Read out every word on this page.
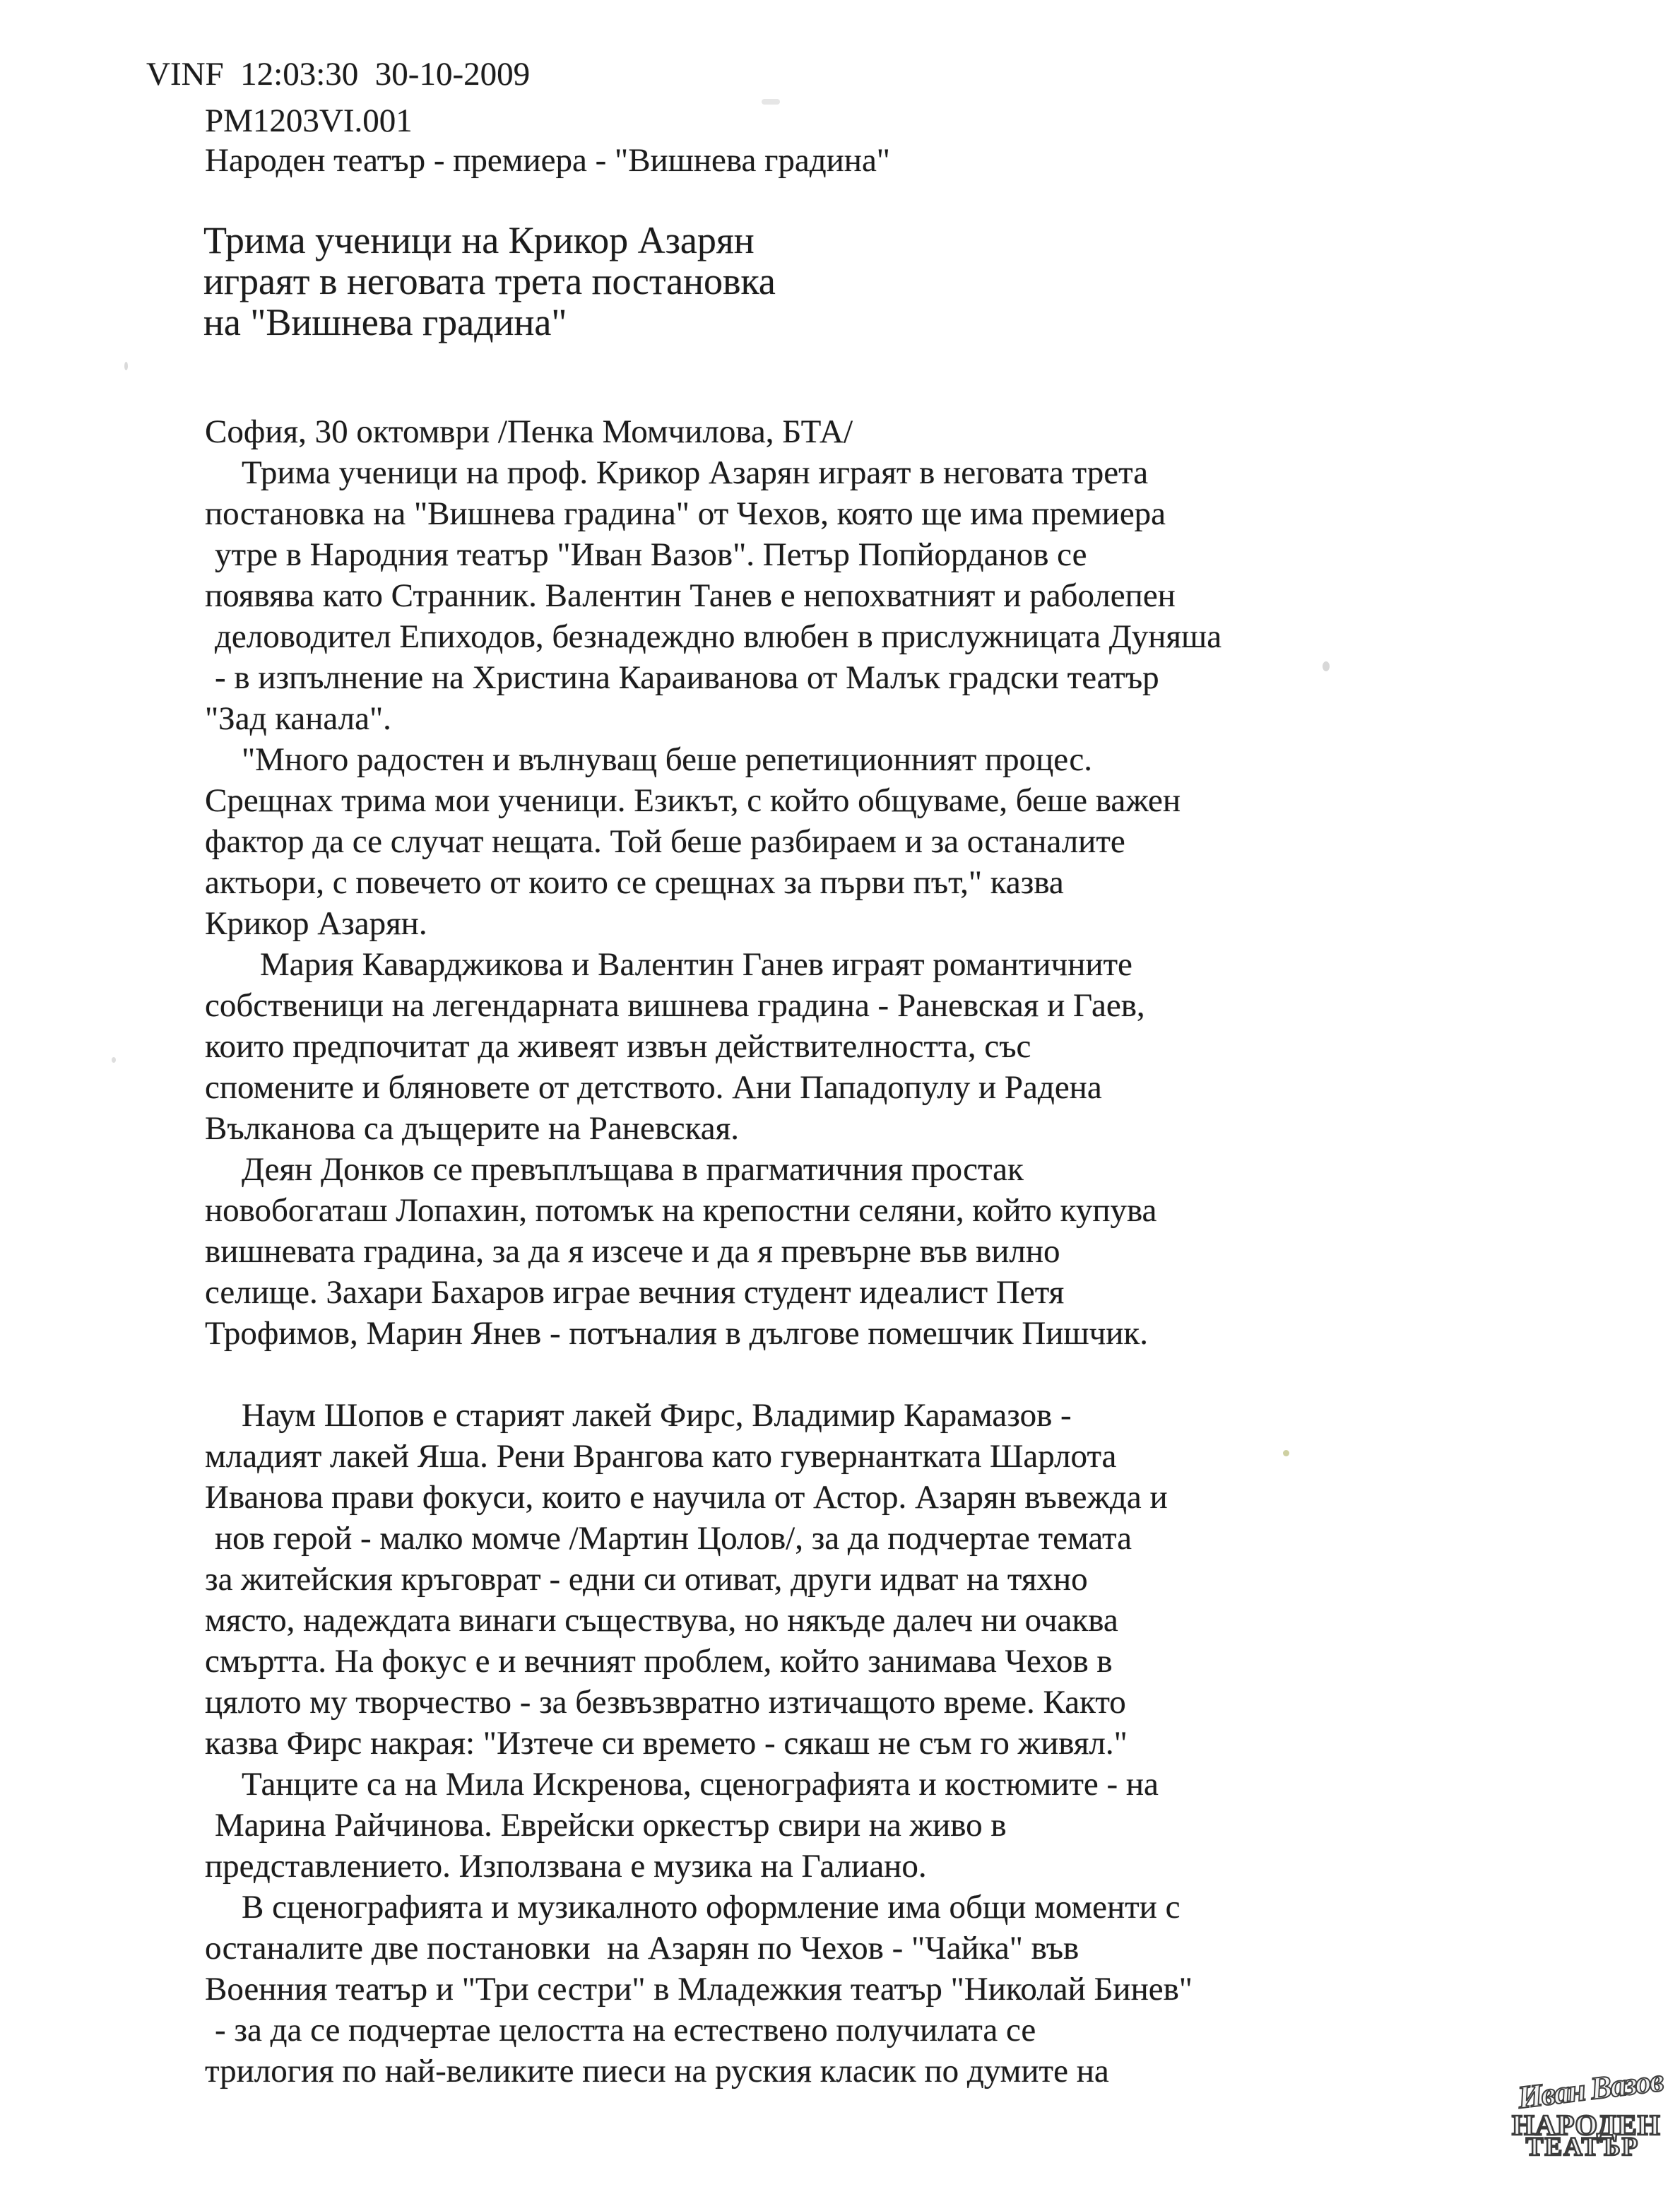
VINF  12:03:30  30-10-2009
PM1203VI.001
Народен театър - премиера - "Вишнева градина"
Трима ученици на Крикор Азарян
играят в неговата трета постановка
на "Вишнева градина"
София, 30 октомври /Пенка Момчилова, БТА/
Трима ученици на проф. Крикор Азарян играят в неговата трета
постановка на "Вишнева градина" от Чехов, която ще има премиера
утре в Народния театър "Иван Вазов". Петър Попйорданов се
появява като Странник. Валентин Танев е непохватният и раболепен
деловодител Епиходов, безнадеждно влюбен в прислужницата Дуняша
- в изпълнение на Христина Караиванова от Малък градски театър
"Зад канала".
"Много радостен и вълнуващ беше репетиционният процес.
Срещнах трима мои ученици. Езикът, с който общуваме, беше важен
фактор да се случат нещата. Той беше разбираем и за останалите
актьори, с повечето от които се срещнах за първи път," казва
Крикор Азарян.
Мария Каварджикова и Валентин Ганев играят романтичните
собственици на легендарната вишнева градина - Раневская и Гаев,
които предпочитат да живеят извън действителността, със
спомените и бляновете от детството. Ани Пападопулу и Радена
Вълканова са дъщерите на Раневская.
Деян Донков се превъплъщава в прагматичния простак
новобогаташ Лопахин, потомък на крепостни селяни, който купува
вишневата градина, за да я изсече и да я превърне във вилно
селище. Захари Бахаров играе вечния студент идеалист Петя
Трофимов, Марин Янев - потъналия в дългове помешчик Пишчик.
Наум Шопов е старият лакей Фирс, Владимир Карамазов -
младият лакей Яша. Рени Врангова като гувернантката Шарлота
Иванова прави фокуси, които е научила от Астор. Азарян въвежда и
нов герой - малко момче /Мартин Цолов/, за да подчертае темата
за житейския кръговрат - едни си отиват, други идват на тяхно
място, надеждата винаги съществува, но някъде далеч ни очаква
смъртта. На фокус е и вечният проблем, който занимава Чехов в
цялото му творчество - за безвъзвратно изтичащото време. Както
казва Фирс накрая: "Изтече си времето - сякаш не съм го живял."
Танците са на Мила Искренова, сценографията и костюмите - на
Марина Райчинова. Еврейски оркестър свири на живо в
представлението. Използвана е музика на Галиано.
В сценографията и музикалното оформление има общи моменти с
останалите две постановки  на Азарян по Чехов - "Чайка" във
Военния театър и "Три сестри" в Младежкия театър "Николай Бинев"
- за да се подчертае целостта на естествено получилата се
трилогия по най-великите пиеси на руския класик по думите на	Иван Вазов
НАРОДЕН
ТЕАТЪР
